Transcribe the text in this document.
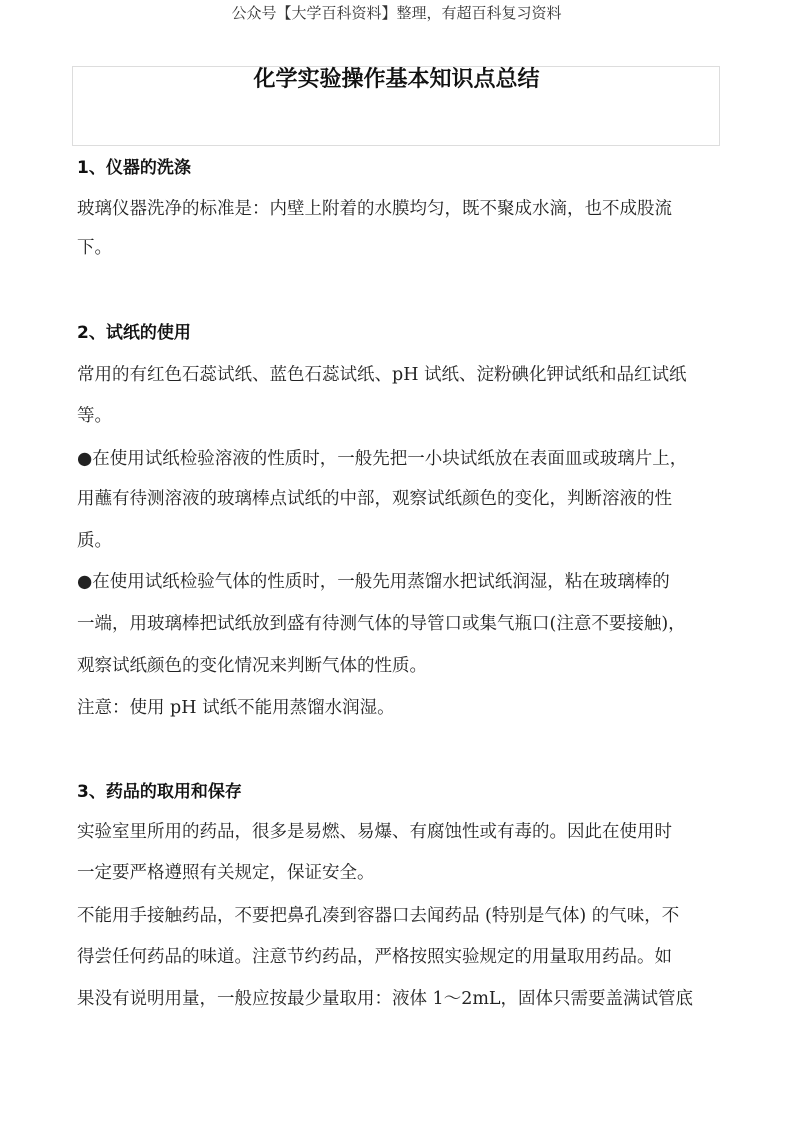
公众号【大学百科资料】整理，有超百科复习资料
化学实验操作基本知识点总结
1、仪器的洗涤
玻璃仪器洗净的标准是：内壁上附着的水膜均匀，既不聚成水滴，也不成股流
下。
2、试纸的使用
常用的有红色石蕊试纸、蓝色石蕊试纸、pH 试纸、淀粉碘化钾试纸和品红试纸
等。
●在使用试纸检验溶液的性质时，一般先把一小块试纸放在表面皿或玻璃片上，
用蘸有待测溶液的玻璃棒点试纸的中部，观察试纸颜色的变化，判断溶液的性
质。
●在使用试纸检验气体的性质时，一般先用蒸馏水把试纸润湿，粘在玻璃棒的
一端，用玻璃棒把试纸放到盛有待测气体的导管口或集气瓶口(注意不要接触)，
观察试纸颜色的变化情况来判断气体的性质。
注意：使用 pH 试纸不能用蒸馏水润湿。
3、药品的取用和保存
实验室里所用的药品，很多是易燃、易爆、有腐蚀性或有毒的。因此在使用时
一定要严格遵照有关规定，保证安全。
不能用手接触药品，不要把鼻孔凑到容器口去闻药品 (特别是气体) 的气味，不
得尝任何药品的味道。注意节约药品，严格按照实验规定的用量取用药品。如
果没有说明用量，一般应按最少量取用：液体 1～2mL，固体只需要盖满试管底
